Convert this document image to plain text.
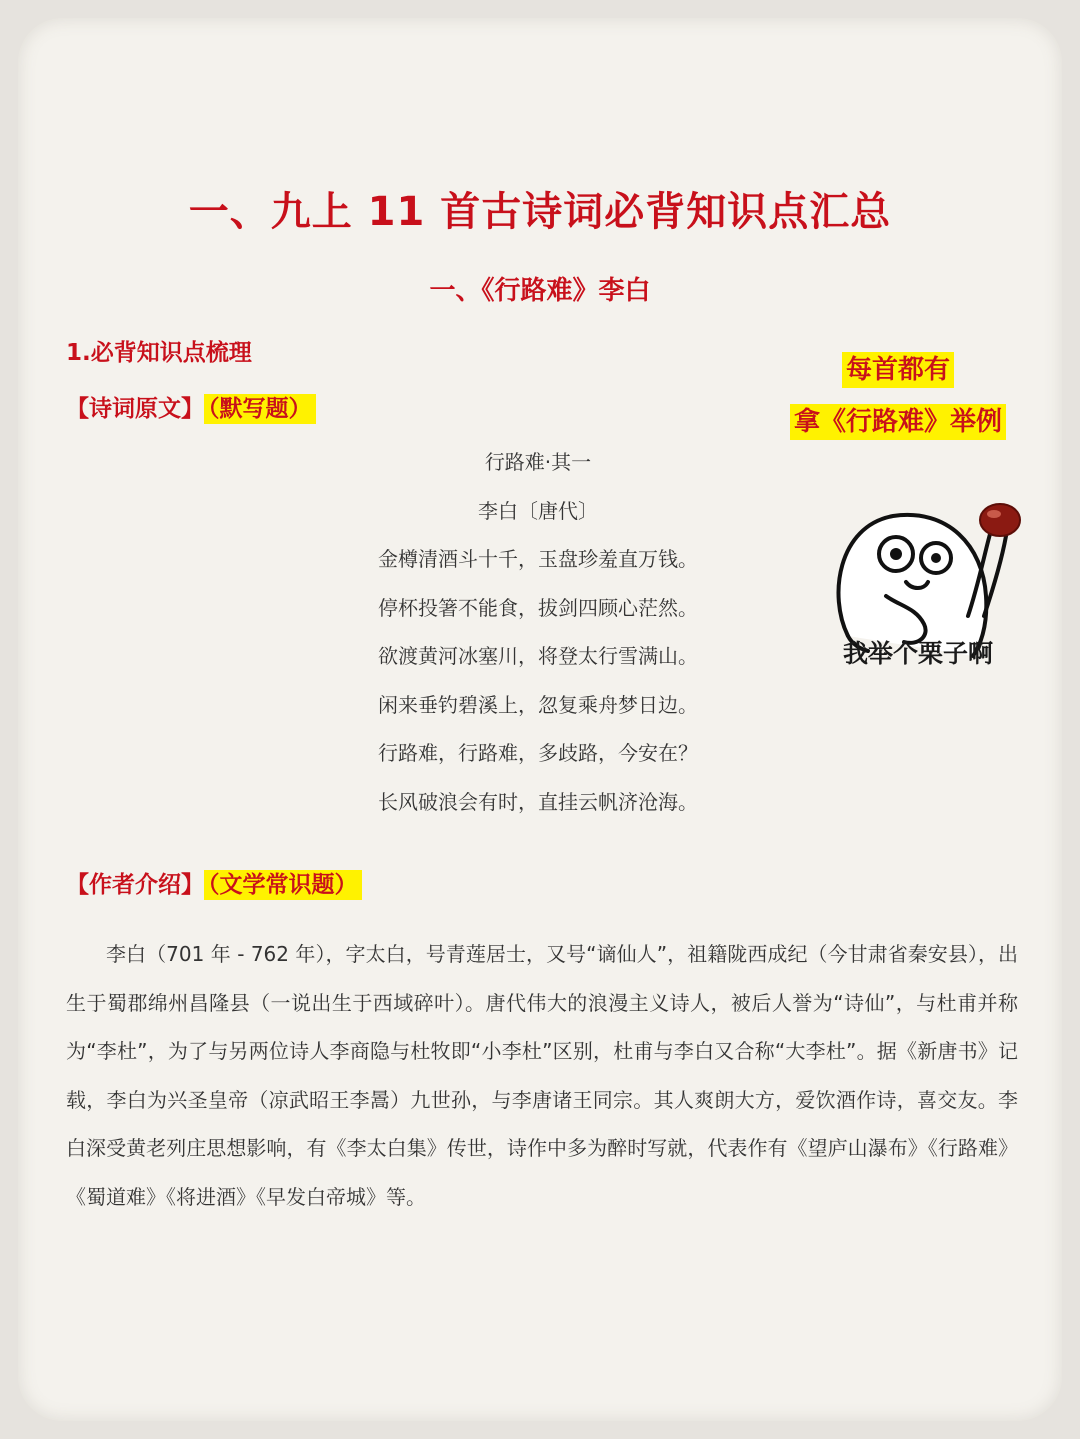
一、九上 11 首古诗词必背知识点汇总
一、《行路难》李白
1.必背知识点梳理
【诗词原文】 （默写题）
行路难·其一
李白〔唐代〕
金樽清酒斗十千，玉盘珍羞直万钱。
停杯投箸不能食，拔剑四顾心茫然。
欲渡黄河冰塞川，将登太行雪满山。
闲来垂钓碧溪上，忽复乘舟梦日边。
行路难，行路难，多歧路，今安在？
长风破浪会有时，直挂云帆济沧海。
每首都有
拿《行路难》举例
我举个栗子啊
【作者介绍】 （文学常识题）
李白（701 年 - 762 年），字太白，号青莲居士，又号“谪仙人”，祖籍陇西成纪（今甘肃省秦安县），出生于蜀郡绵州昌隆县（一说出生于西域碎叶）。唐代伟大的浪漫主义诗人，被后人誉为“诗仙”，与杜甫并称为“李杜”，为了与另两位诗人李商隐与杜牧即“小李杜”区别，杜甫与李白又合称“大李杜”。据《新唐书》记载，李白为兴圣皇帝（凉武昭王李暠）九世孙，与李唐诸王同宗。其人爽朗大方，爱饮酒作诗，喜交友。李白深受黄老列庄思想影响，有《李太白集》传世，诗作中多为醉时写就，代表作有《望庐山瀑布》《行路难》《蜀道难》《将进酒》《早发白帝城》等。
